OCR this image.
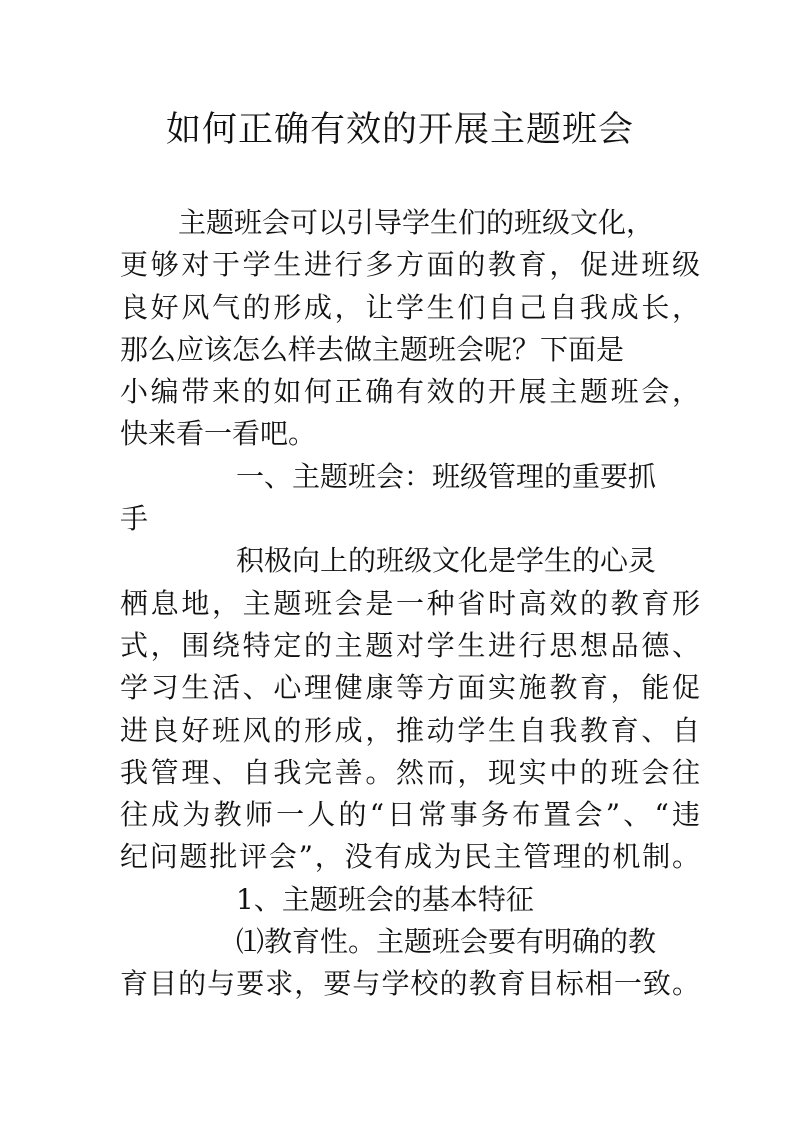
如何正确有效的开展主题班会
主题班会可以引导学生们的班级文化，
更够对于学生进行多方面的教育，促进班级
良好风气的形成，让学生们自己自我成长，
那么应该怎么样去做主题班会呢？下面是
小编带来的如何正确有效的开展主题班会，
快来看一看吧。
一、主题班会：班级管理的重要抓
手
积极向上的班级文化是学生的心灵
栖息地，主题班会是一种省时高效的教育形
式，围绕特定的主题对学生进行思想品德、
学习生活、心理健康等方面实施教育，能促
进良好班风的形成，推动学生自我教育、自
我管理、自我完善。然而，现实中的班会往
往成为教师一人的“日常事务布置会”、“违
纪问题批评会”，没有成为民主管理的机制。
1、主题班会的基本特征
⑴教育性。主题班会要有明确的教
育目的与要求，要与学校的教育目标相一致。
